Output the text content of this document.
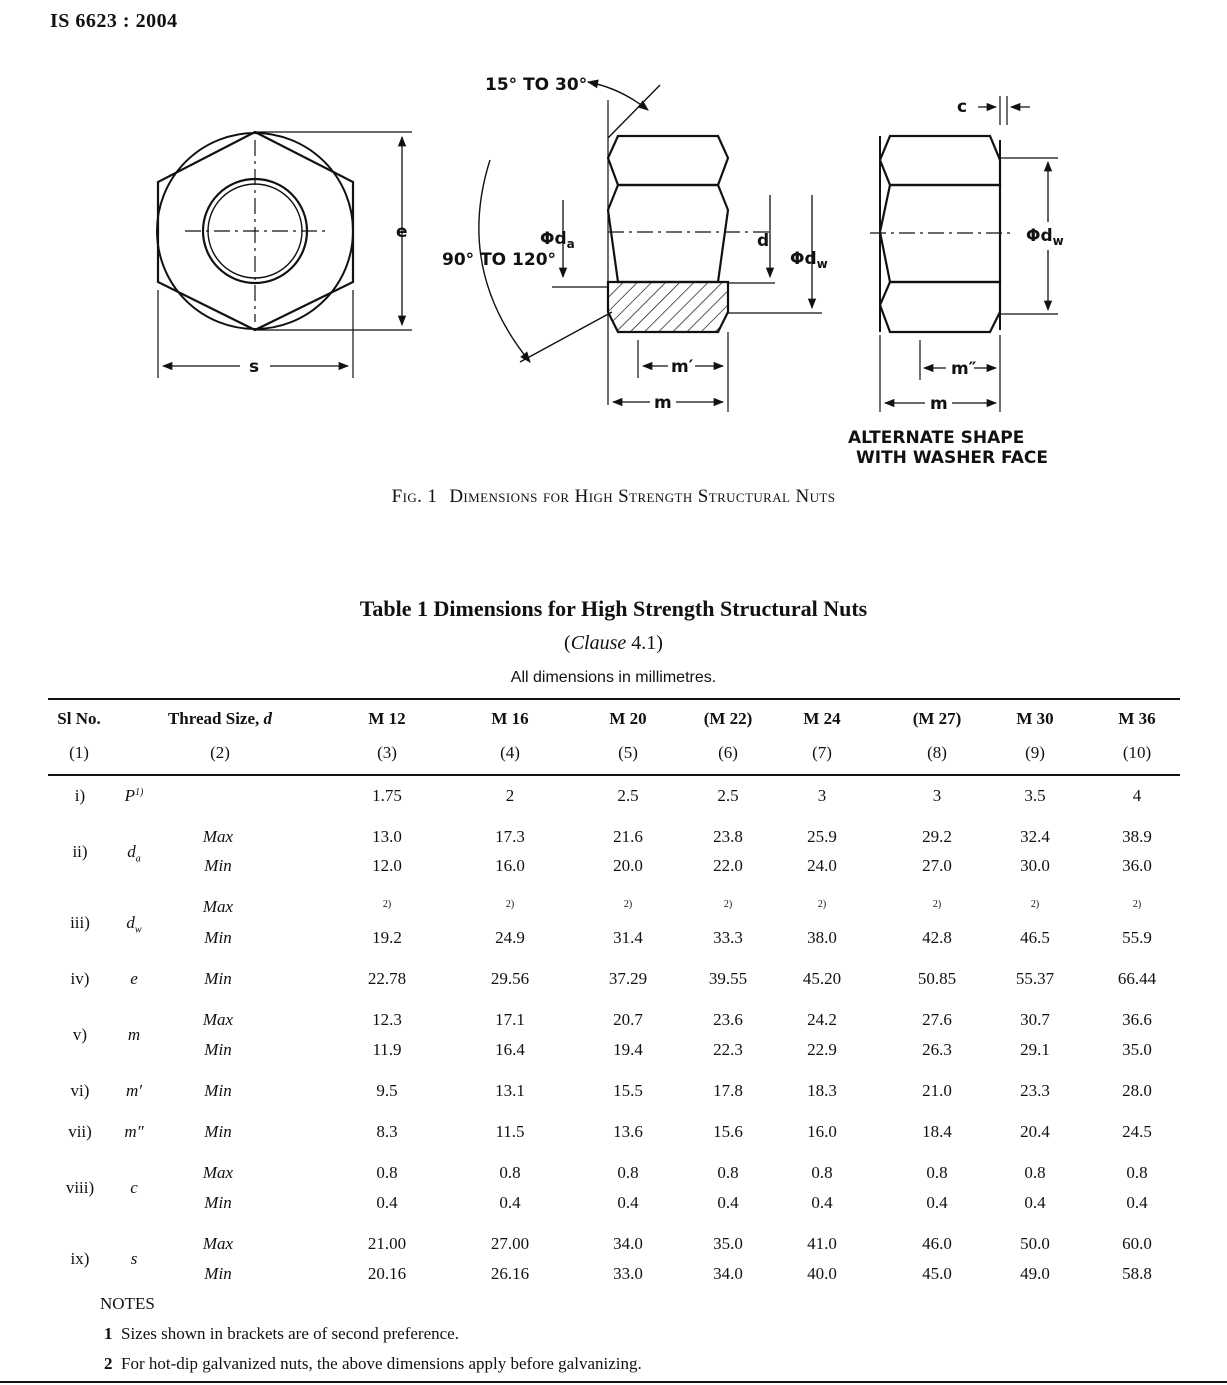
IS 6623 : 2004
e
s
15° TO 30°
90° TO 120°
$\Phi d_a$	d
$\Phi d_w$
m′
m
c
$\Phi d_w$
m″
m
ALTERNATE SHAPE
WITH WASHER FACE
Fig. 1 Dimensions for High Strength Structural Nuts
Table 1 Dimensions for High Strength Structural Nuts
(Clause 4.1)
All dimensions in millimetres.
Sl No.	Thread Size, d	M 12	M 16	M 20	(M 22)	M 24	(M 27)	M 30	M 36
(1)	(2)	(3)	(4)	(5)	(6)	(7)	(8)	(9)	(10)
i) $P^{1)}$	1.75	2	2.5	2.5	3	3	3.5	4
ii) $d_a$
Max	13.0	17.3	21.6	23.8	25.9	29.2	32.4	38.9
Min	12.0	16.0	20.0	22.0	24.0	27.0	30.0	36.0
iii) $d_w$
Max	2)	2)	2)	2)	2)	2)	2)	2)
Min	19.2	24.9	31.4	33.3	38.0	42.8	46.5	55.9
iv) e	Min	22.78	29.56	37.29	39.55	45.20	50.85	55.37	66.44
v) m
Max	12.3	17.1	20.7	23.6	24.2	27.6	30.7	36.6
Min	11.9	16.4	19.4	22.3	22.9	26.3	29.1	35.0
vi) m′	Min	9.5	13.1	15.5	17.8	18.3	21.0	23.3	28.0
vii) m″	Min	8.3	11.5	13.6	15.6	16.0	18.4	20.4	24.5
viii) c
Max	0.8	0.8	0.8	0.8	0.8	0.8	0.8	0.8
Min	0.4	0.4	0.4	0.4	0.4	0.4	0.4	0.4
ix) s
Max	21.00	27.00	34.0	35.0	41.0	46.0	50.0	60.0
Min	20.16	26.16	33.0	34.0	40.0	45.0	49.0	58.8
NOTES
1 Sizes shown in brackets are of second preference.
2 For hot-dip galvanized nuts, the above dimensions apply before galvanizing.
